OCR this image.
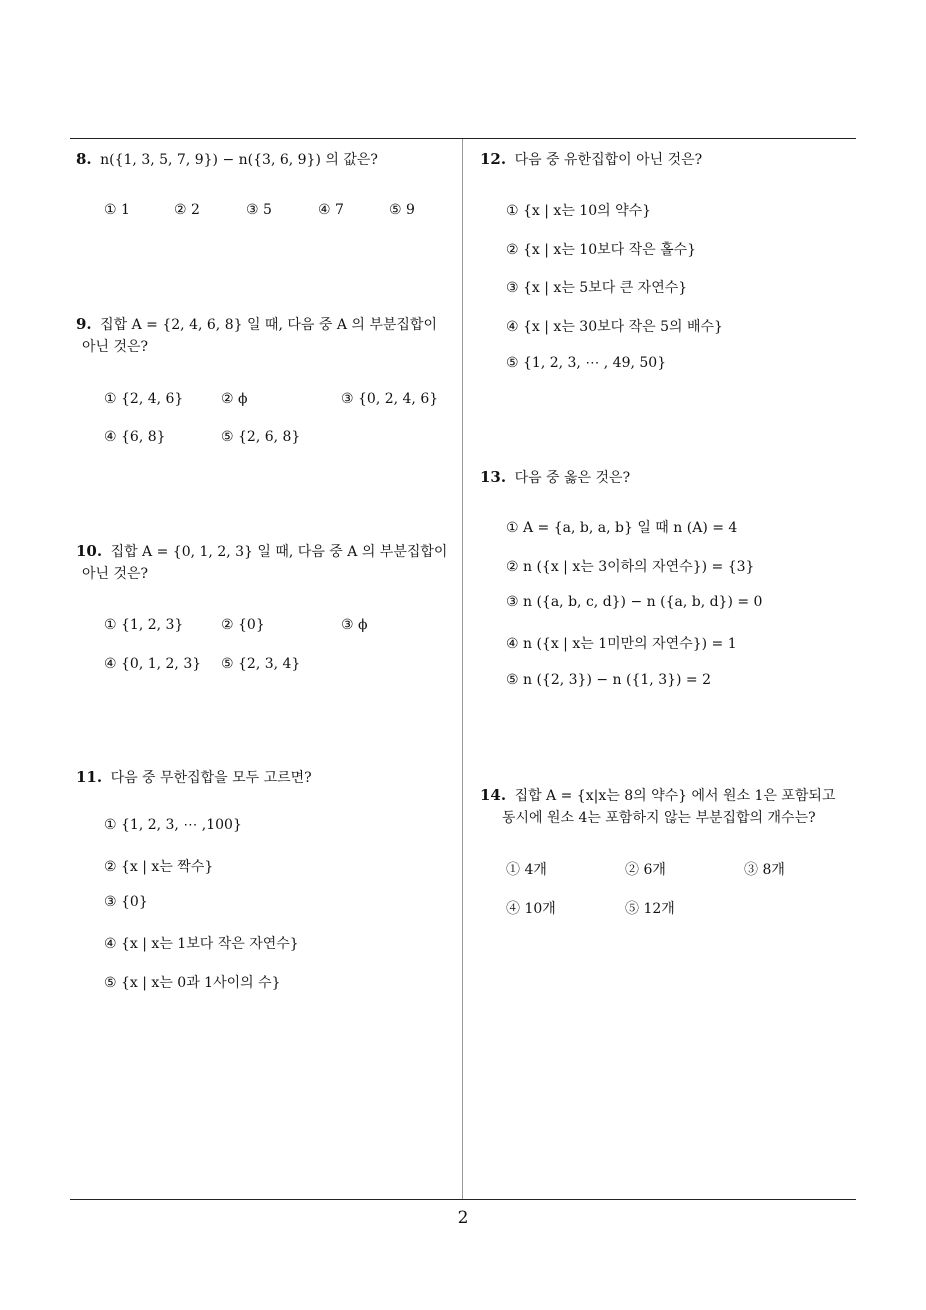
8. n({1, 3, 5, 7, 9}) − n({3, 6, 9}) 의 값은?
① 1	② 2	③ 5	④ 7	⑤ 9
9. 집합 A = {2, 4, 6, 8} 일 때, 다음 중 A 의 부분집합이
아닌 것은?
① {2, 4, 6}	② ϕ	③ {0, 2, 4, 6}
④ {6, 8}	⑤ {2, 6, 8}
10. 집합 A = {0, 1, 2, 3} 일 때, 다음 중 A 의 부분집합이
아닌 것은?
① {1, 2, 3}	② {0}	③ ϕ
④ {0, 1, 2, 3} ⑤ {2, 3, 4}
11. 다음 중 무한집합을 모두 고르면?
① {1, 2, 3, ⋯ ,100}
② {x | x는 짝수}
③ {0}
④ {x | x는 1보다 작은 자연수}
⑤ {x | x는 0과 1사이의 수}
12. 다음 중 유한집합이 아닌 것은?
① {x | x는 10의 약수}
② {x | x는 10보다 작은 홀수}
③ {x | x는 5보다 큰 자연수}
④ {x | x는 30보다 작은 5의 배수}
⑤ {1, 2, 3, ⋯ , 49, 50}
13. 다음 중 옳은 것은?
① A = {a, b, a, b} 일 때 n (A) = 4
② n ({x | x는 3이하의 자연수}) = {3}
③ n ({a, b, c, d}) − n ({a, b, d}) = 0
④ n ({x | x는 1미만의 자연수}) = 1
⑤ n ({2, 3}) − n ({1, 3}) = 2
14. 집합 A = {x|x는 8의 약수} 에서 원소 1은 포함되고
동시에 원소 4는 포함하지 않는 부분집합의 개수는?
① 4개	② 6개	③ 8개
④ 10개	⑤ 12개
2
